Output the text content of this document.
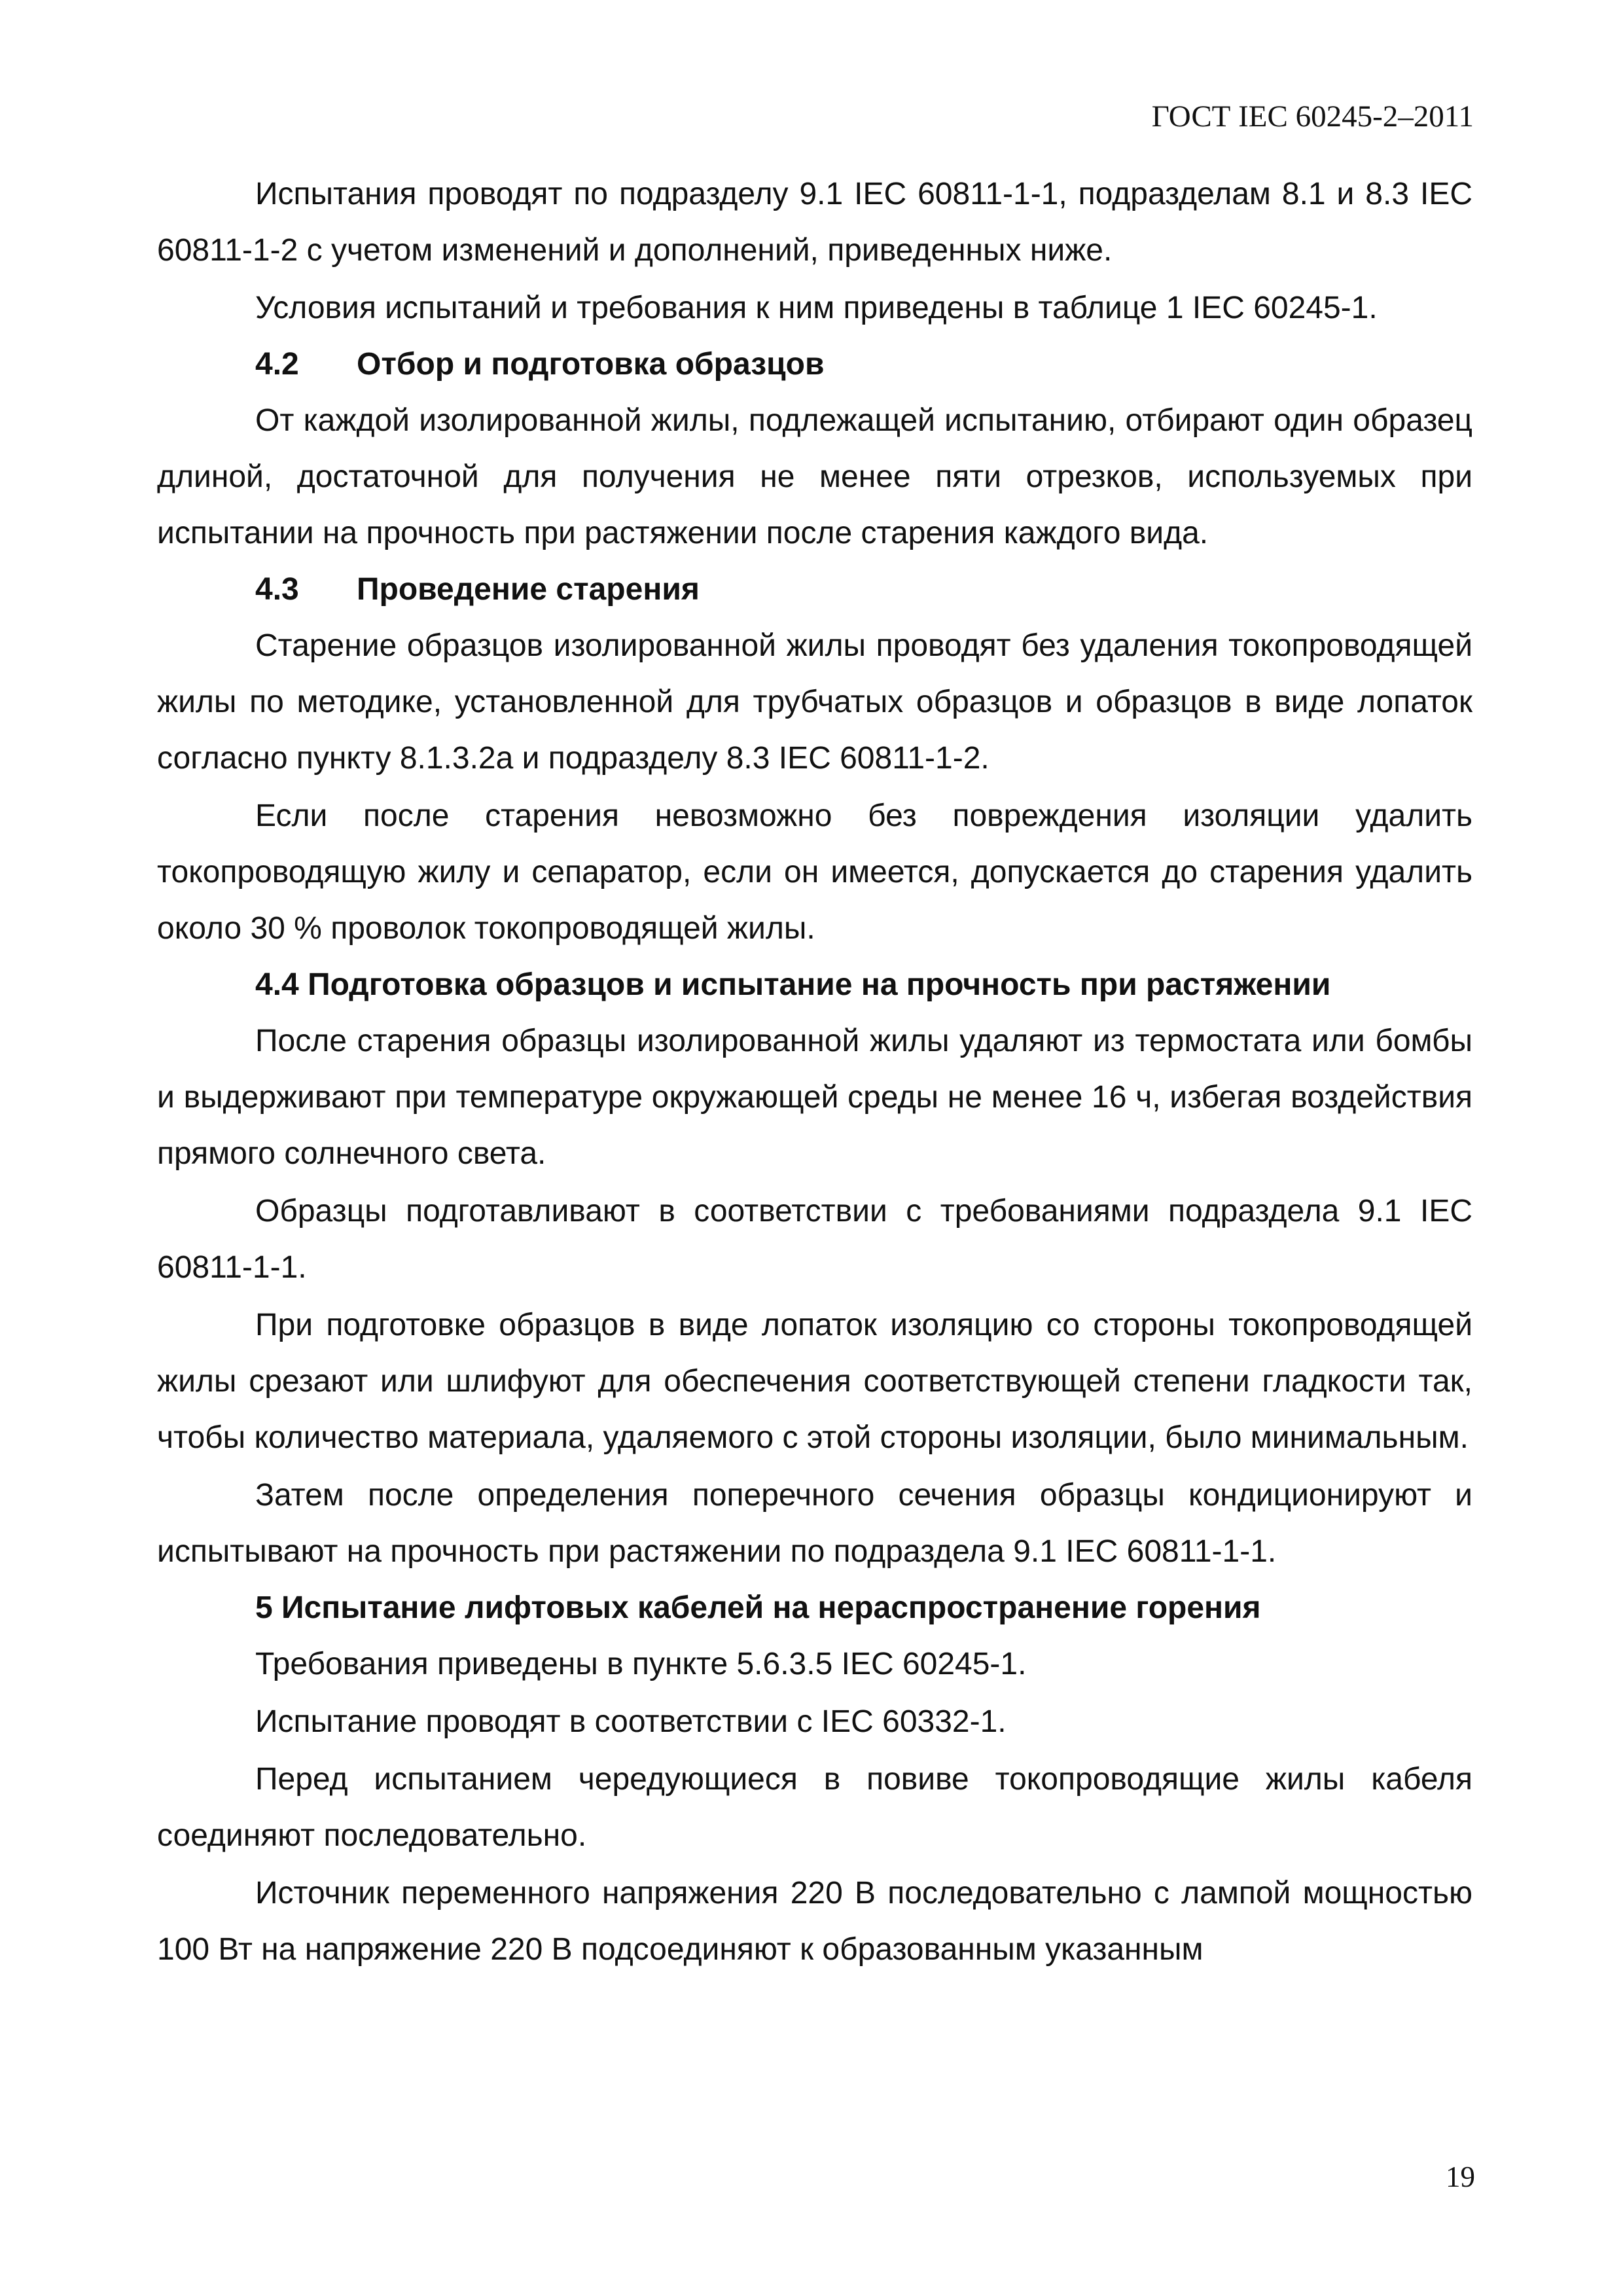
ГОСТ IEC 60245-2–2011

Испытания проводят по подразделу 9.1 IEC 60811-1-1, подразделам 8.1 и 8.3 IEC 60811-1-2 с учетом изменений и дополнений, приведенных ниже.

Условия испытаний и требования к ним приведены в таблице 1 IEC 60245-1.

4.2 Отбор и подготовка образцов

От каждой изолированной жилы, подлежащей испытанию, отбирают один образец длиной, достаточной для получения не менее пяти отрезков, используемых при испытании на прочность при растяжении после старения каждого вида.

4.3 Проведение старения

Старение образцов изолированной жилы проводят без удаления токопроводящей жилы по методике, установленной для трубчатых образцов и образцов в виде лопаток согласно пункту 8.1.3.2а и подразделу 8.3 IEC 60811-1-2.

Если после старения невозможно без повреждения изоляции удалить токопроводящую жилу и сепаратор, если он имеется, допускается до старения удалить около 30 % проволок токопроводящей жилы.

4.4 Подготовка образцов и испытание на прочность при растяжении

После старения образцы изолированной жилы удаляют из термостата или бомбы и выдерживают при температуре окружающей среды не менее 16 ч, избегая воздействия прямого солнечного света.

Образцы подготавливают в соответствии с требованиями подраздела 9.1 IEC 60811-1-1.

При подготовке образцов в виде лопаток изоляцию со стороны токопроводящей жилы срезают или шлифуют для обеспечения соответствующей степени гладкости так, чтобы количество материала, удаляемого с этой стороны изоляции, было минимальным.

Затем после определения поперечного сечения образцы кондиционируют и испытывают на прочность при растяжении по подраздела 9.1 IEC 60811-1-1.

5 Испытание лифтовых кабелей на нераспространение горения

Требования приведены в пункте 5.6.3.5 IEC 60245-1.

Испытание проводят в соответствии с IEC 60332-1.

Перед испытанием чередующиеся в повиве токопроводящие жилы кабеля соединяют последовательно.

Источник переменного напряжения 220 В последовательно с лампой мощностью 100 Вт на напряжение 220 В подсоединяют к образованным указанным

19
